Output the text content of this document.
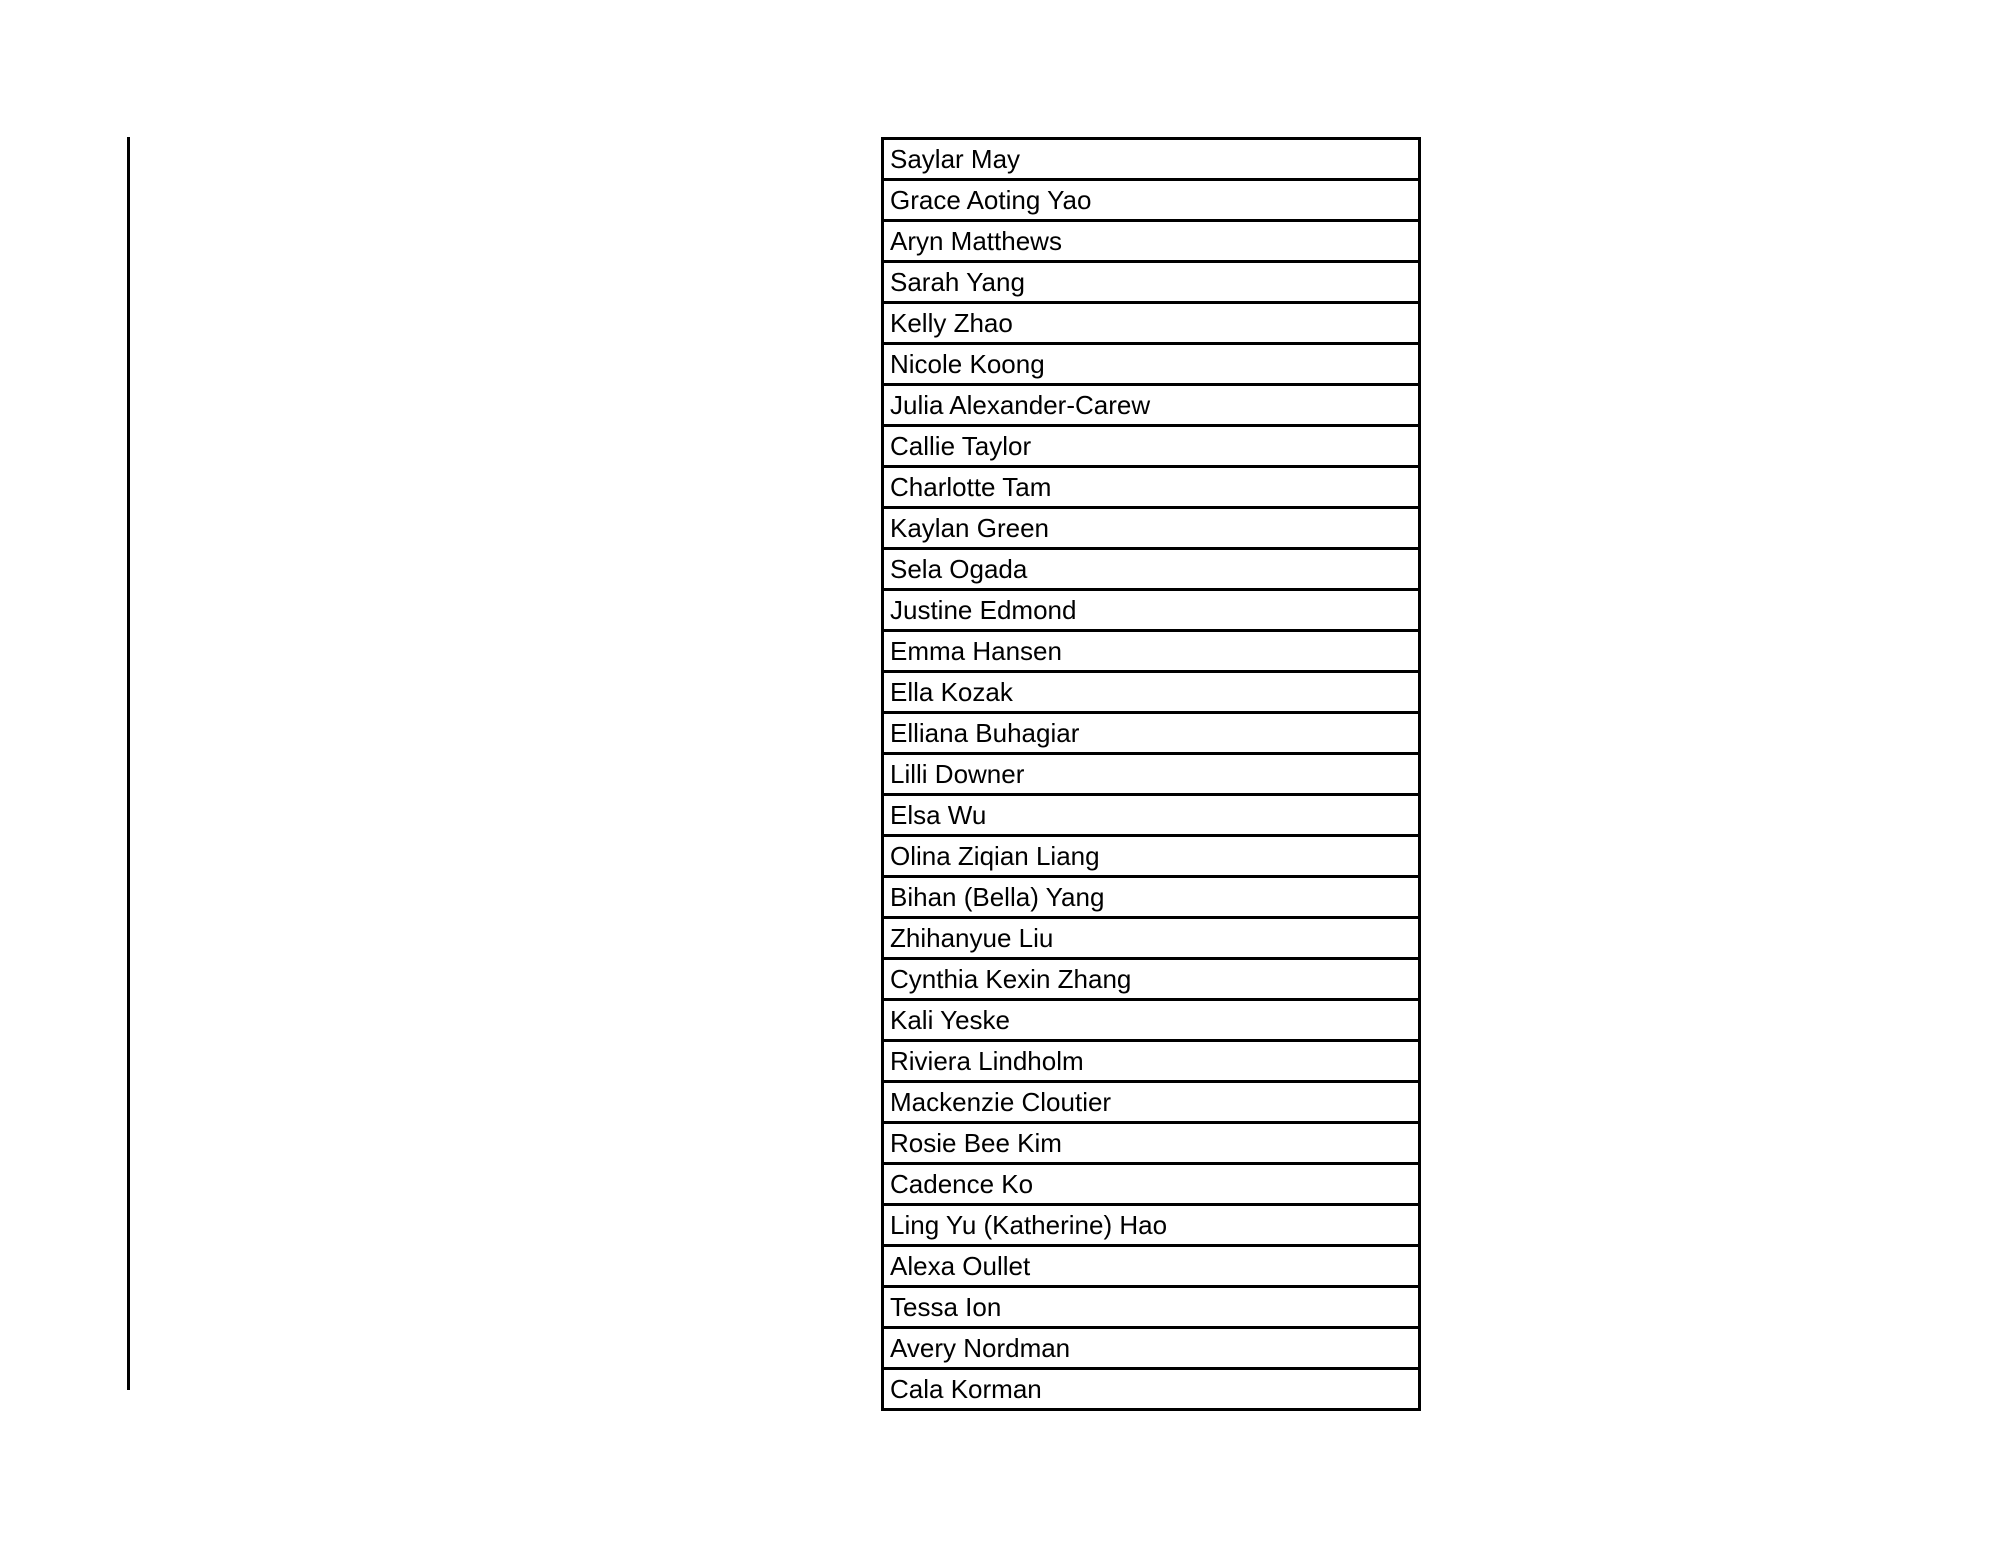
Saylar May
Grace Aoting Yao
Aryn Matthews
Sarah Yang
Kelly Zhao
Nicole Koong
Julia Alexander-Carew
Callie Taylor
Charlotte Tam
Kaylan Green
Sela Ogada
Justine Edmond
Emma Hansen
Ella Kozak
Elliana Buhagiar
Lilli Downer
Elsa Wu
Olina Ziqian Liang
Bihan (Bella) Yang
Zhihanyue Liu
Cynthia Kexin Zhang
Kali Yeske
Riviera Lindholm
Mackenzie Cloutier
Rosie Bee Kim
Cadence Ko
Ling Yu (Katherine) Hao
Alexa Oullet
Tessa Ion
Avery Nordman
Cala Korman
